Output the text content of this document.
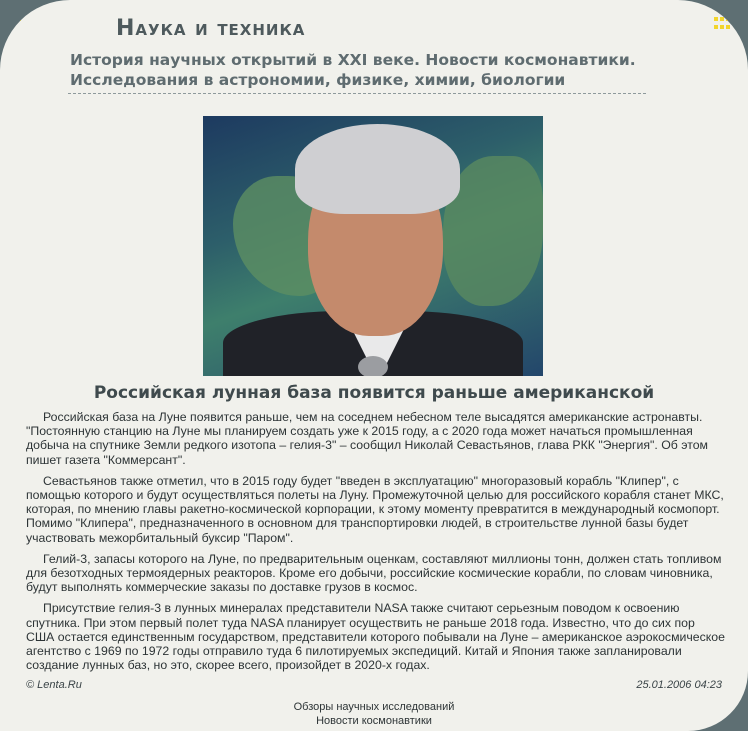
Наука и техника
История научных открытий в XXI веке. Новости космонавтики. Исследования в астрономии, физике, химии, биологии
Российская лунная база появится раньше американской

Российская база на Луне появится раньше, чем на соседнем небесном теле высадятся американские астронавты. "Постоянную станцию на Луне мы планируем создать уже к 2015 году, а с 2020 года может начаться промышленная добыча на спутнике Земли редкого изотопа – гелия-3" – сообщил Николай Севастьянов, глава РКК "Энергия". Об этом пишет газета "Коммерсант".

Севастьянов также отметил, что в 2015 году будет "введен в эксплуатацию" многоразовый корабль "Клипер", с помощью которого и будут осуществляться полеты на Луну. Промежуточной целью для российского корабля станет МКС, которая, по мнению главы ракетно-космической корпорации, к этому моменту превратится в международный космопорт. Помимо "Клипера", предназначенного в основном для транспортировки людей, в строительстве лунной базы будет участвовать межорбитальный буксир "Паром".

Гелий-3, запасы которого на Луне, по предварительным оценкам, составляют миллионы тонн, должен стать топливом для безотходных термоядерных реакторов. Кроме его добычи, российские космические корабли, по словам чиновника, будут выполнять коммерческие заказы по доставке грузов в космос.

Присутствие гелия-3 в лунных минералах представители NASA также считают серьезным поводом к освоению спутника. При этом первый полет туда NASA планирует осуществить не раньше 2018 года. Известно, что до сих пор США остается единственным государством, представители которого побывали на Луне – американское аэрокосмическое агентство с 1969 по 1972 годы отправило туда 6 пилотируемых экспедиций. Китай и Япония также запланировали создание лунных баз, но это, скорее всего, произойдет в 2020-х годах.

© Lenta.Ru	25.01.2006 04:23
Обзоры научных исследований
Новости космонавтики
